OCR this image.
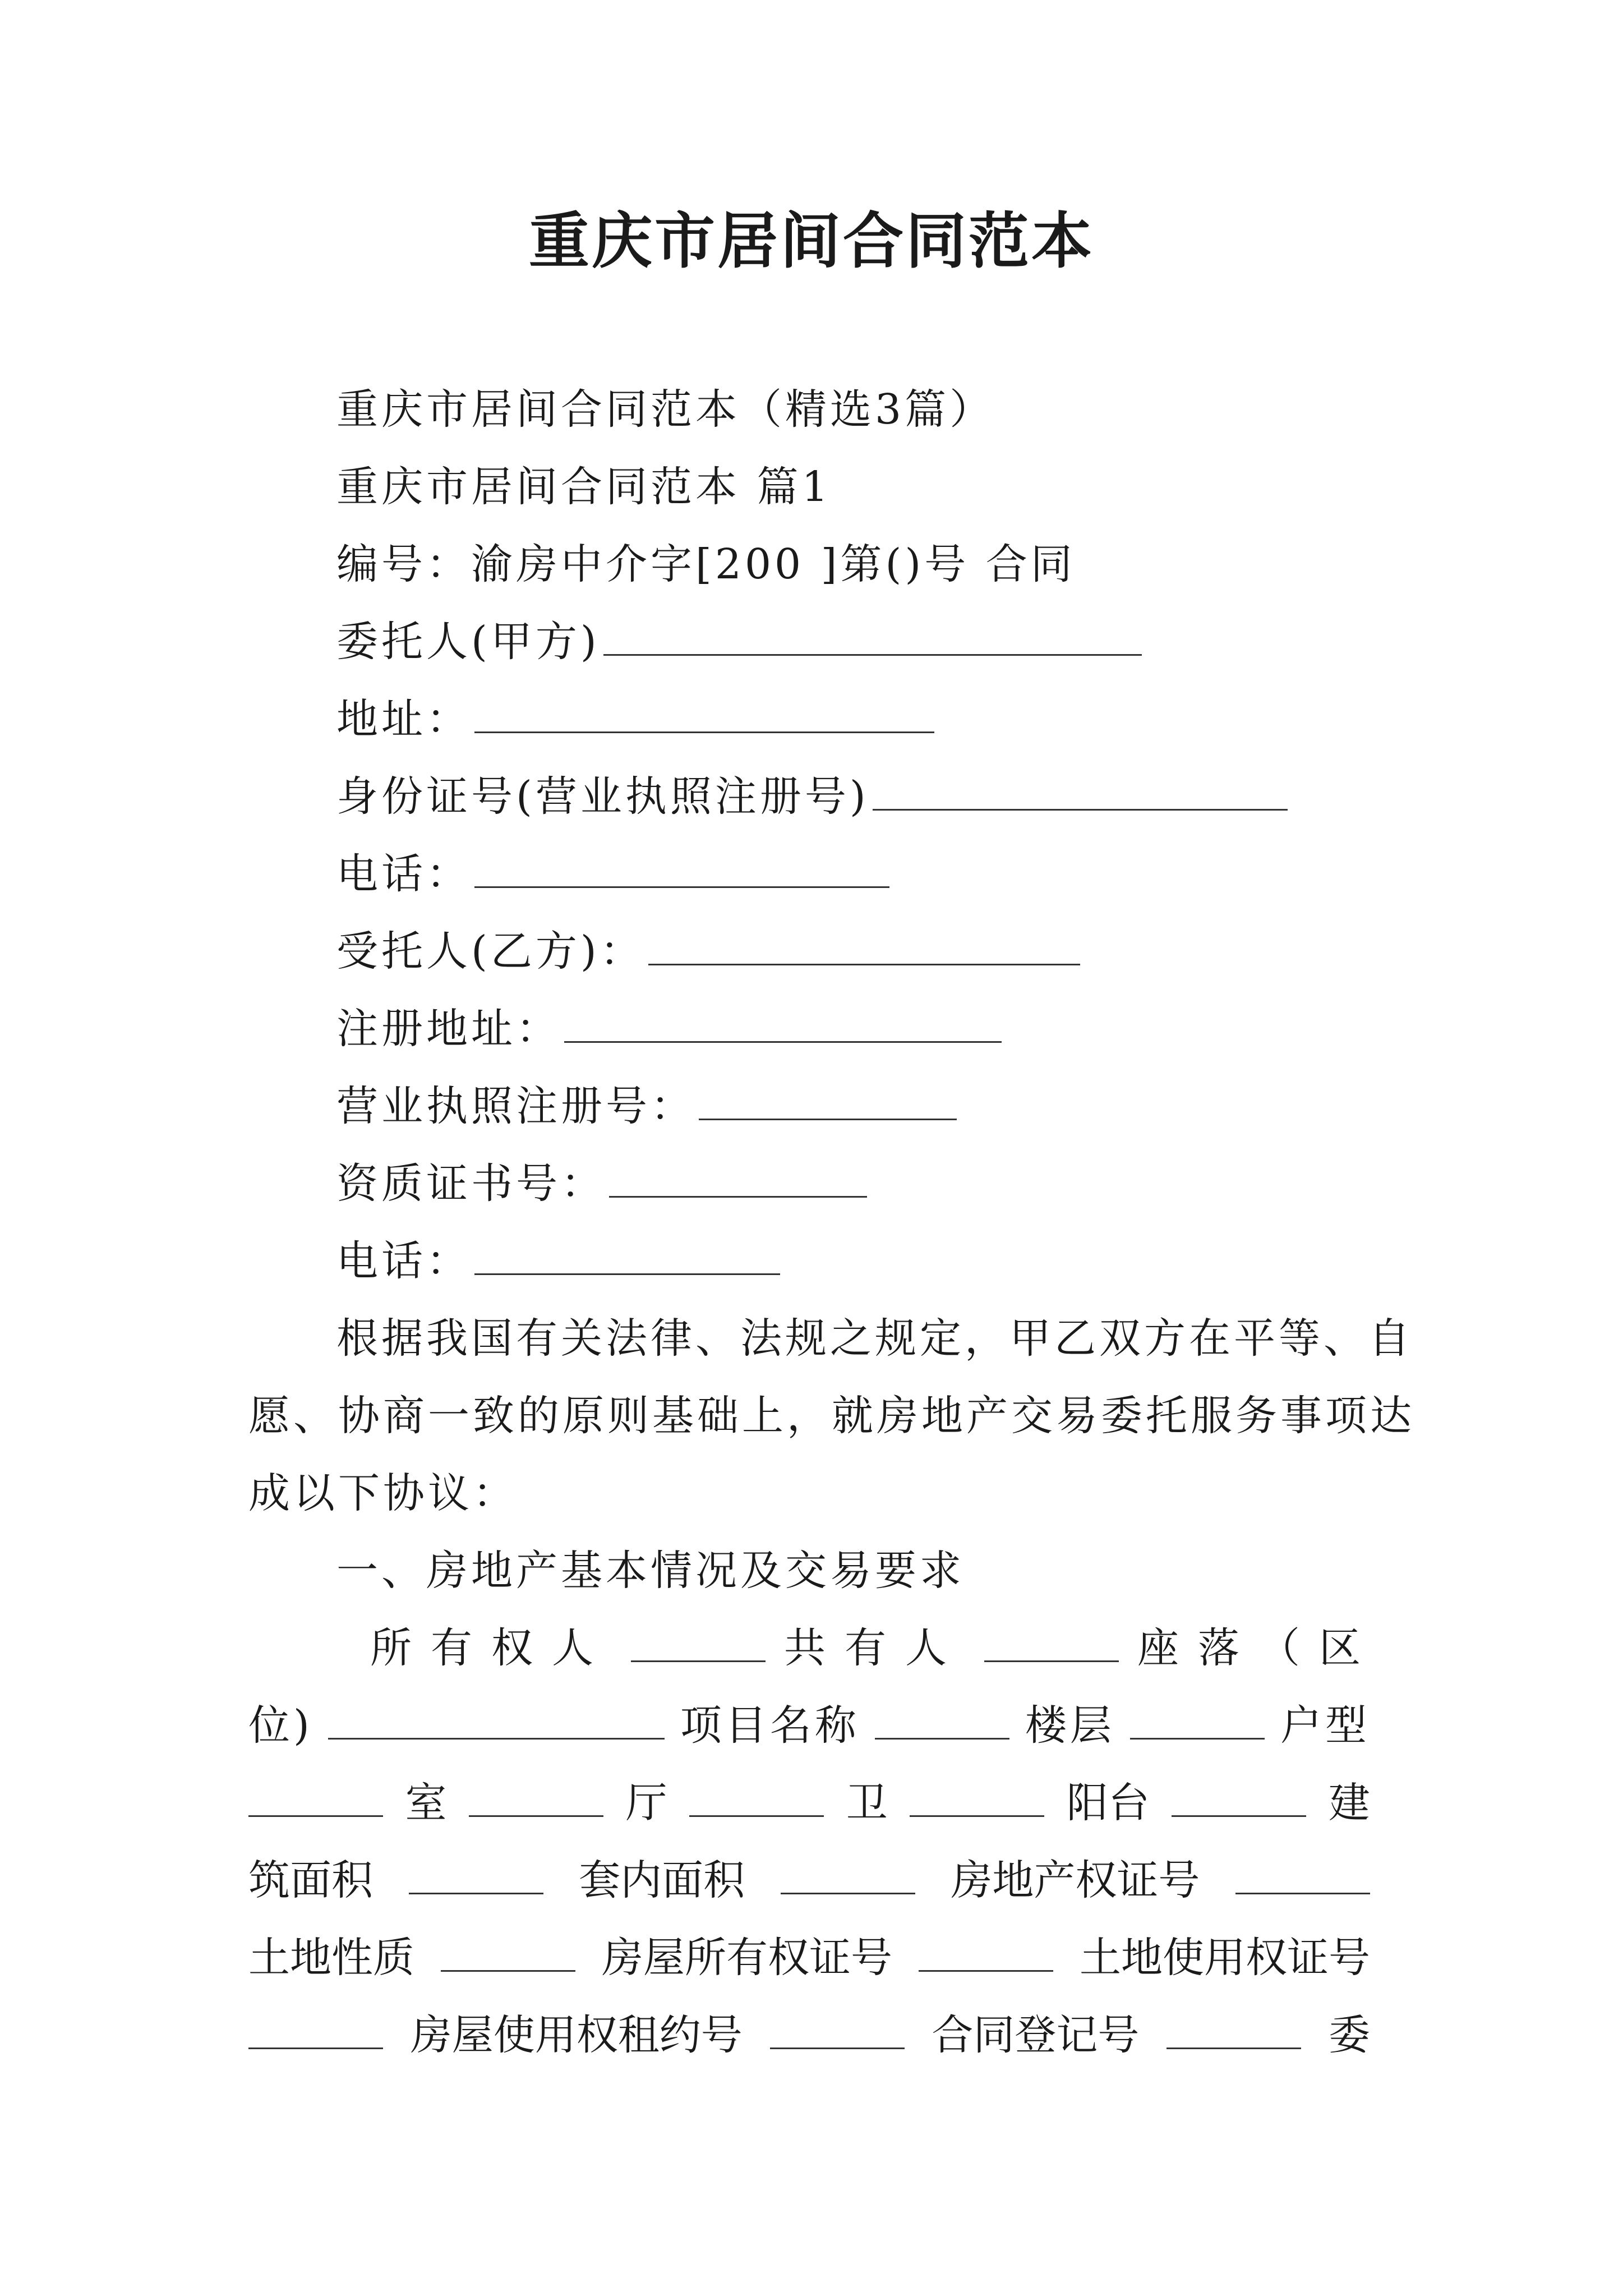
重庆市居间合同范本
重庆市居间合同范本（精选3篇）
重庆市居间合同范本 篇1
编号：渝房中介字[200 ]第()号 合同
委托人(甲方)
地址：
身份证号(营业执照注册号)
电话：
受托人(乙方)：
注册地址：
营业执照注册号：
资质证书号：
电话：
根据我国有关法律、法规之规定，甲乙双方在平等、自
愿、协商一致的原则基础上，就房地产交易委托服务事项达
成以下协议：
一、房地产基本情况及交易要求
所有权人	共有人	座落（区
位)	项目名称	楼层	户型
室	厅	卫	阳台	建
筑面积	套内面积	房地产权证号
土地性质	房屋所有权证号	土地使用权证号
房屋使用权租约号	合同登记号	委
